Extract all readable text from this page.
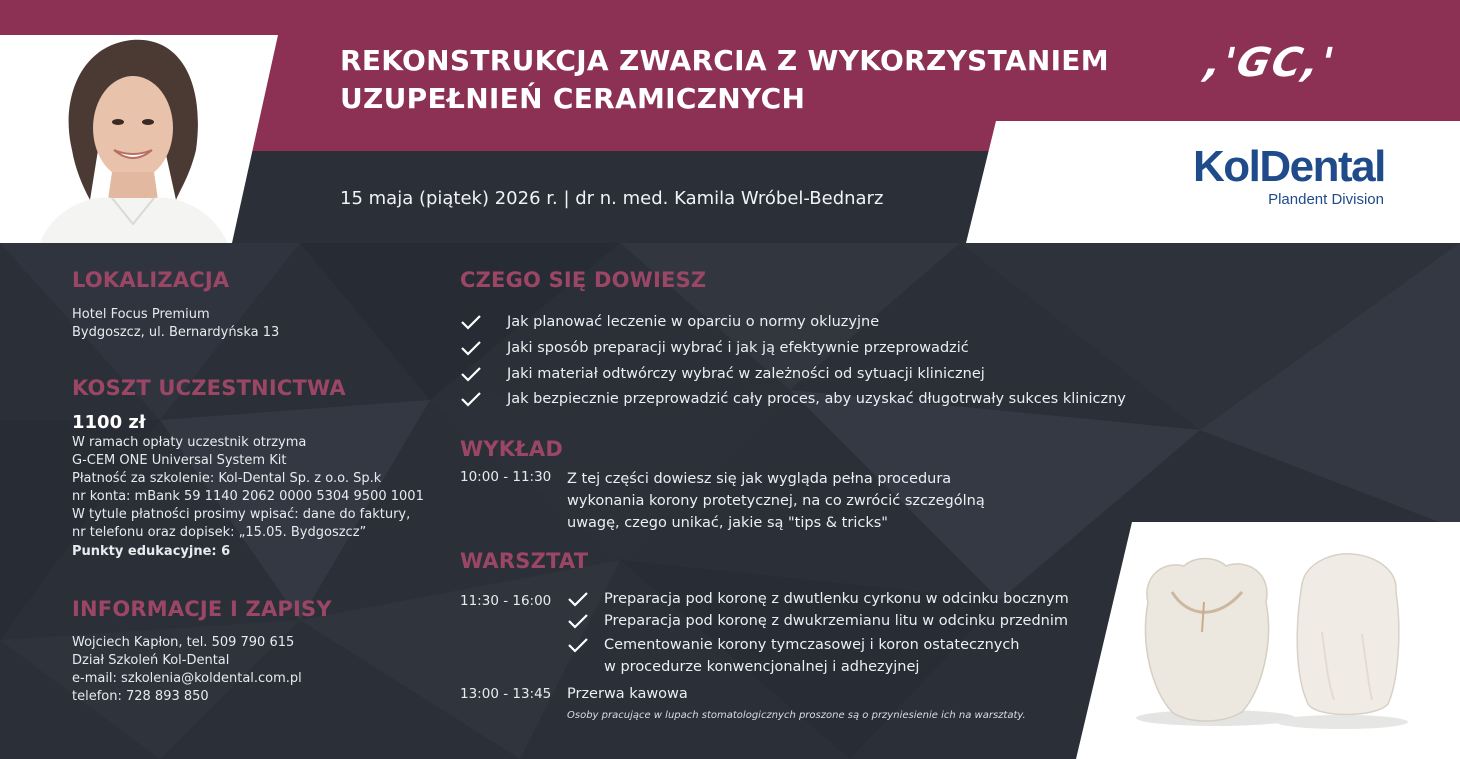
REKONSTRUKCJA ZWARCIA Z WYKORZYSTANIEM
UZUPEŁNIEŃ CERAMICZNYCH
15 maja (piątek) 2026 r. | dr n. med. Kamila Wróbel-Bednarz
,'GC,'
KolDental
Plandent Division
LOKALIZACJA
Hotel Focus Premium
Bydgoszcz, ul. Bernardyńska 13
KOSZT UCZESTNICTWA
1100 zł
W ramach opłaty uczestnik otrzyma
G-CEM ONE Universal System Kit
Płatność za szkolenie: Kol-Dental Sp. z o.o. Sp.k
nr konta: mBank 59 1140 2062 0000 5304 9500 1001
W tytule płatności prosimy wpisać: dane do faktury,
nr telefonu oraz dopisek: „15.05. Bydgoszcz”
Punkty edukacyjne: 6
INFORMACJE I ZAPISY
Wojciech Kapłon, tel. 509 790 615
Dział Szkoleń Kol-Dental
e-mail: szkolenia@koldental.com.pl
telefon: 728 893 850
CZEGO SIĘ DOWIESZ
Jak planować leczenie w oparciu o normy okluzyjne
Jaki sposób preparacji wybrać i jak ją efektywnie przeprowadzić
Jaki materiał odtwórczy wybrać w zależności od sytuacji klinicznej
Jak bezpiecznie przeprowadzić cały proces, aby uzyskać długotrwały sukces kliniczny
WYKŁAD
10:00 - 11:30 Z tej części dowiesz się jak wygląda pełna procedura
wykonania korony protetycznej, na co zwrócić szczególną
uwagę, czego unikać, jakie są "tips & tricks"
WARSZTAT
11:30 - 16:00	Preparacja pod koronę z dwutlenku cyrkonu w odcinku bocznym
Preparacja pod koronę z dwukrzemianu litu w odcinku przednim
Cementowanie korony tymczasowej i koron ostatecznych
w procedurze konwencjonalnej i adhezyjnej
13:00 - 13:45 Przerwa kawowa
Osoby pracujące w lupach stomatologicznych proszone są o przyniesienie ich na warsztaty.
